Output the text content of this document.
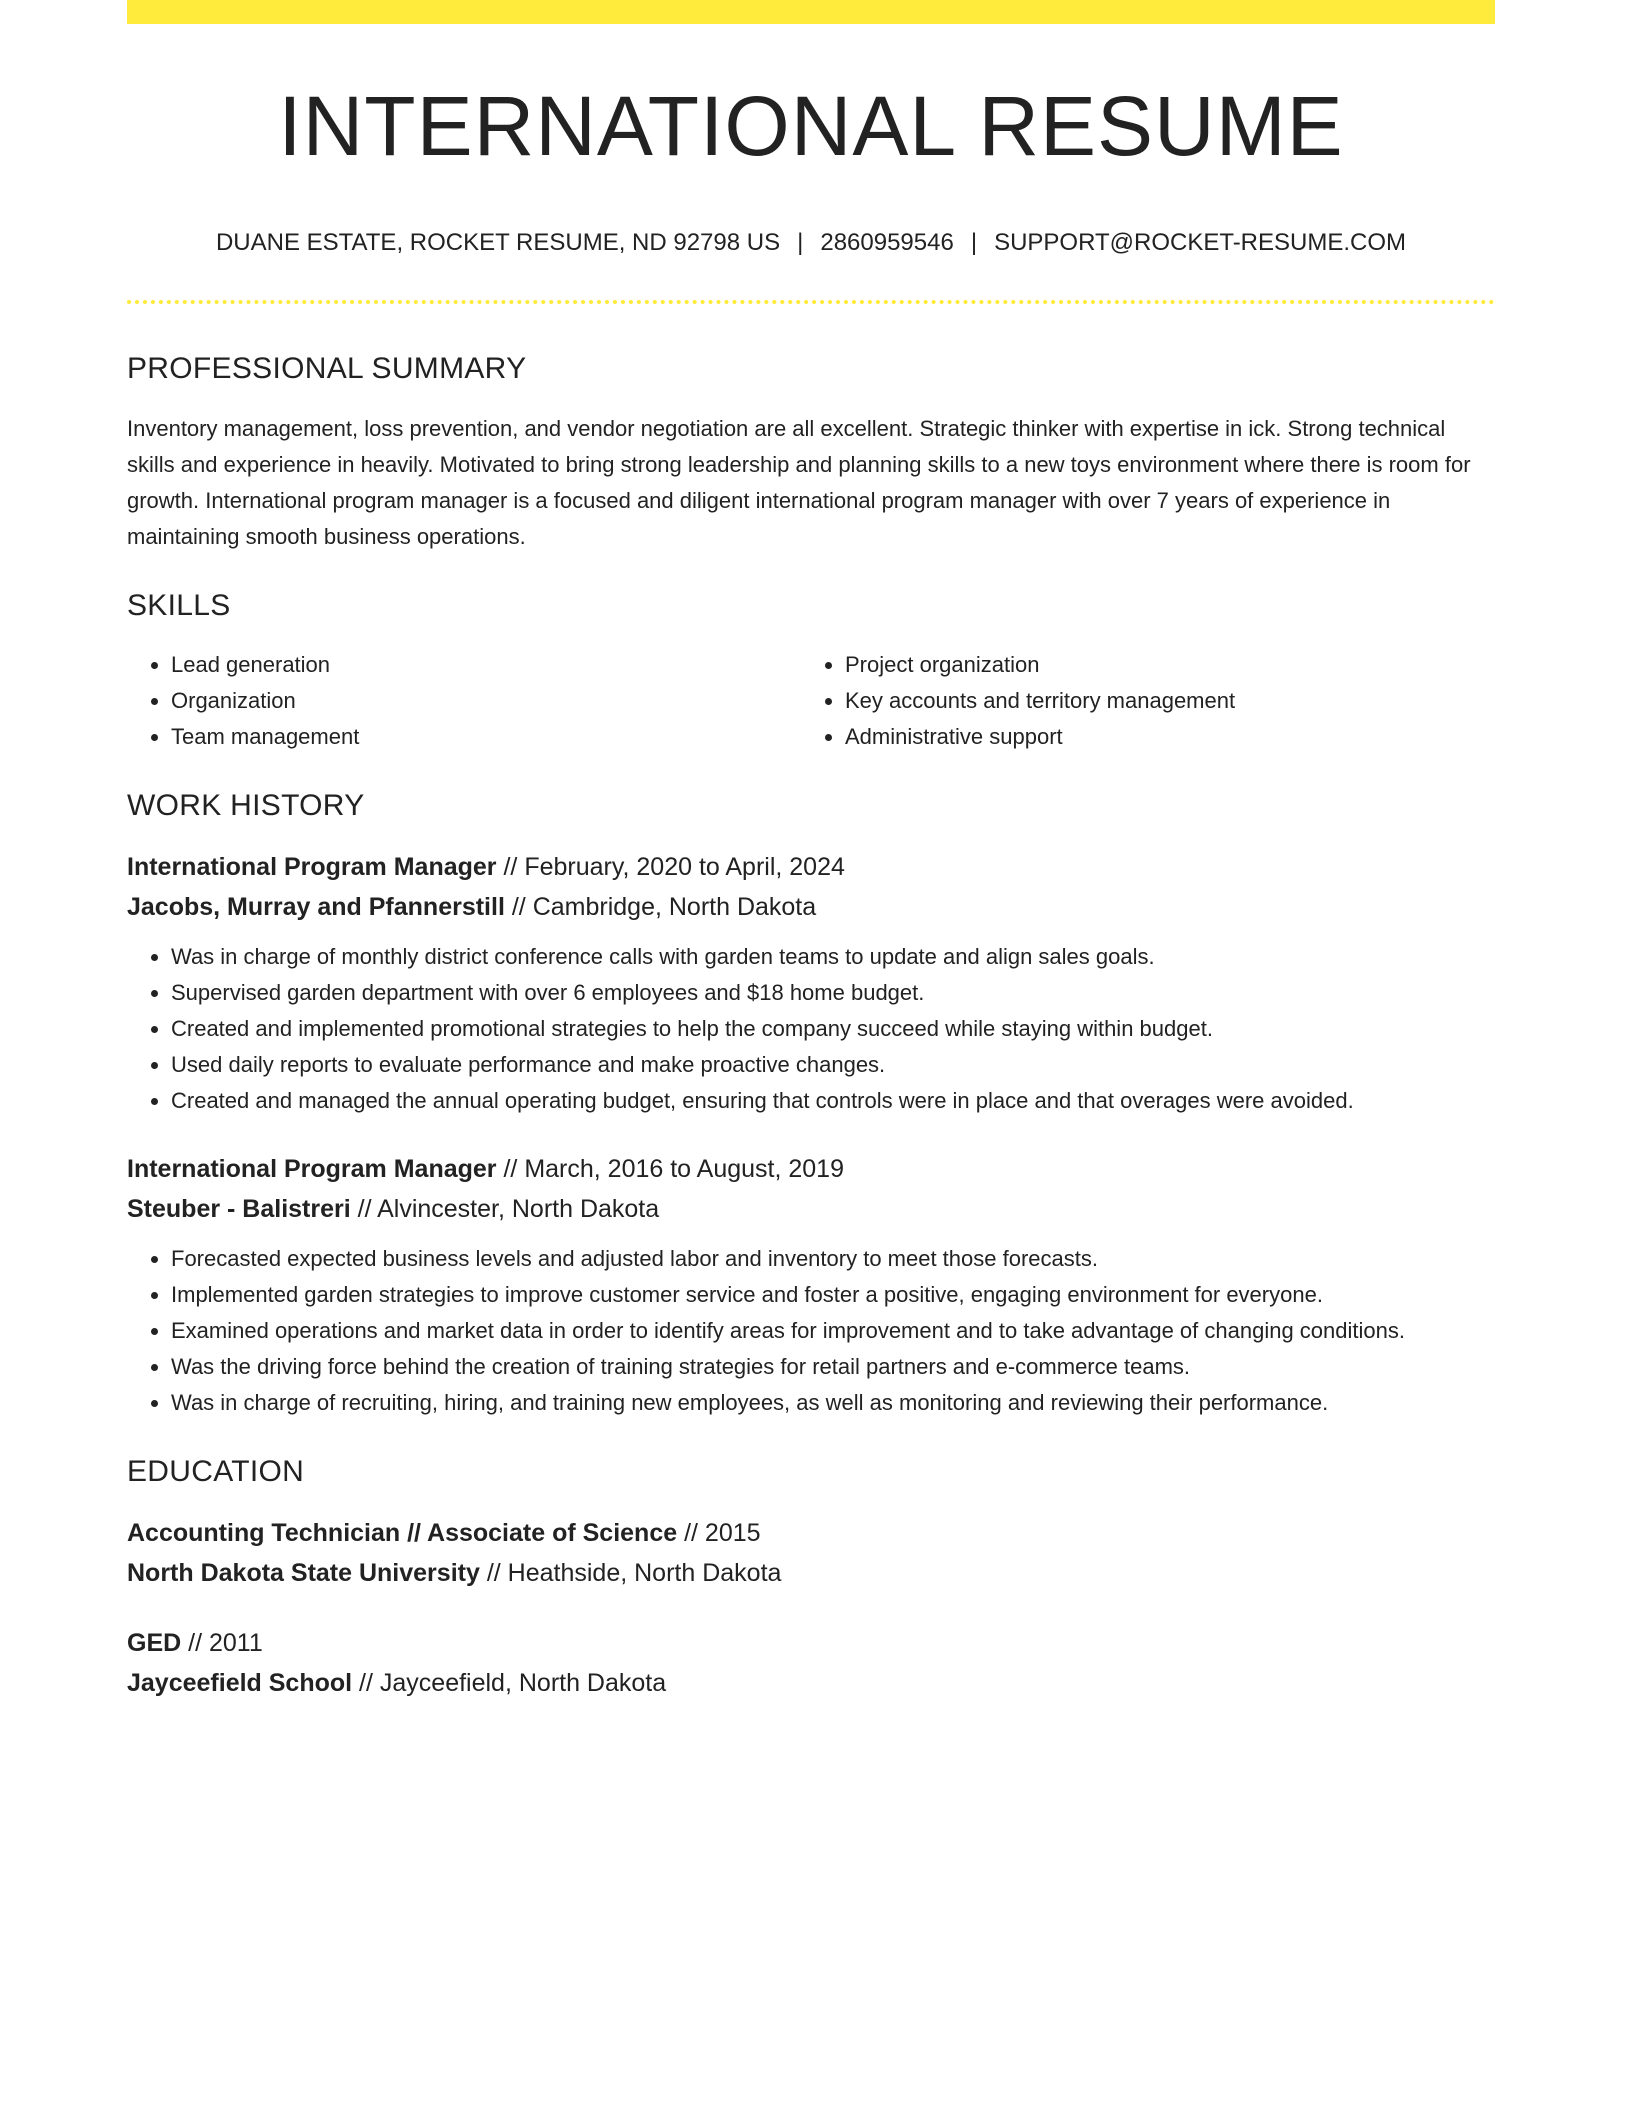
INTERNATIONAL RESUME
DUANE ESTATE, ROCKET RESUME, ND 92798 US | 2860959546 | SUPPORT@ROCKET-RESUME.COM
PROFESSIONAL SUMMARY
Inventory management, loss prevention, and vendor negotiation are all excellent. Strategic thinker with expertise in ick. Strong technical skills and experience in heavily. Motivated to bring strong leadership and planning skills to a new toys environment where there is room for growth. International program manager is a focused and diligent international program manager with over 7 years of experience in maintaining smooth business operations.
SKILLS
• Lead generation
• Organization
• Team management
• Project organization
• Key accounts and territory management
• Administrative support
WORK HISTORY
International Program Manager // February, 2020 to April, 2024
Jacobs, Murray and Pfannerstill // Cambridge, North Dakota
• Was in charge of monthly district conference calls with garden teams to update and align sales goals.
• Supervised garden department with over 6 employees and $18 home budget.
• Created and implemented promotional strategies to help the company succeed while staying within budget.
• Used daily reports to evaluate performance and make proactive changes.
• Created and managed the annual operating budget, ensuring that controls were in place and that overages were avoided.
International Program Manager // March, 2016 to August, 2019
Steuber - Balistreri // Alvincester, North Dakota
• Forecasted expected business levels and adjusted labor and inventory to meet those forecasts.
• Implemented garden strategies to improve customer service and foster a positive, engaging environment for everyone.
• Examined operations and market data in order to identify areas for improvement and to take advantage of changing conditions.
• Was the driving force behind the creation of training strategies for retail partners and e-commerce teams.
• Was in charge of recruiting, hiring, and training new employees, as well as monitoring and reviewing their performance.
EDUCATION
Accounting Technician // Associate of Science // 2015
North Dakota State University // Heathside, North Dakota
GED // 2011
Jayceefield School // Jayceefield, North Dakota
